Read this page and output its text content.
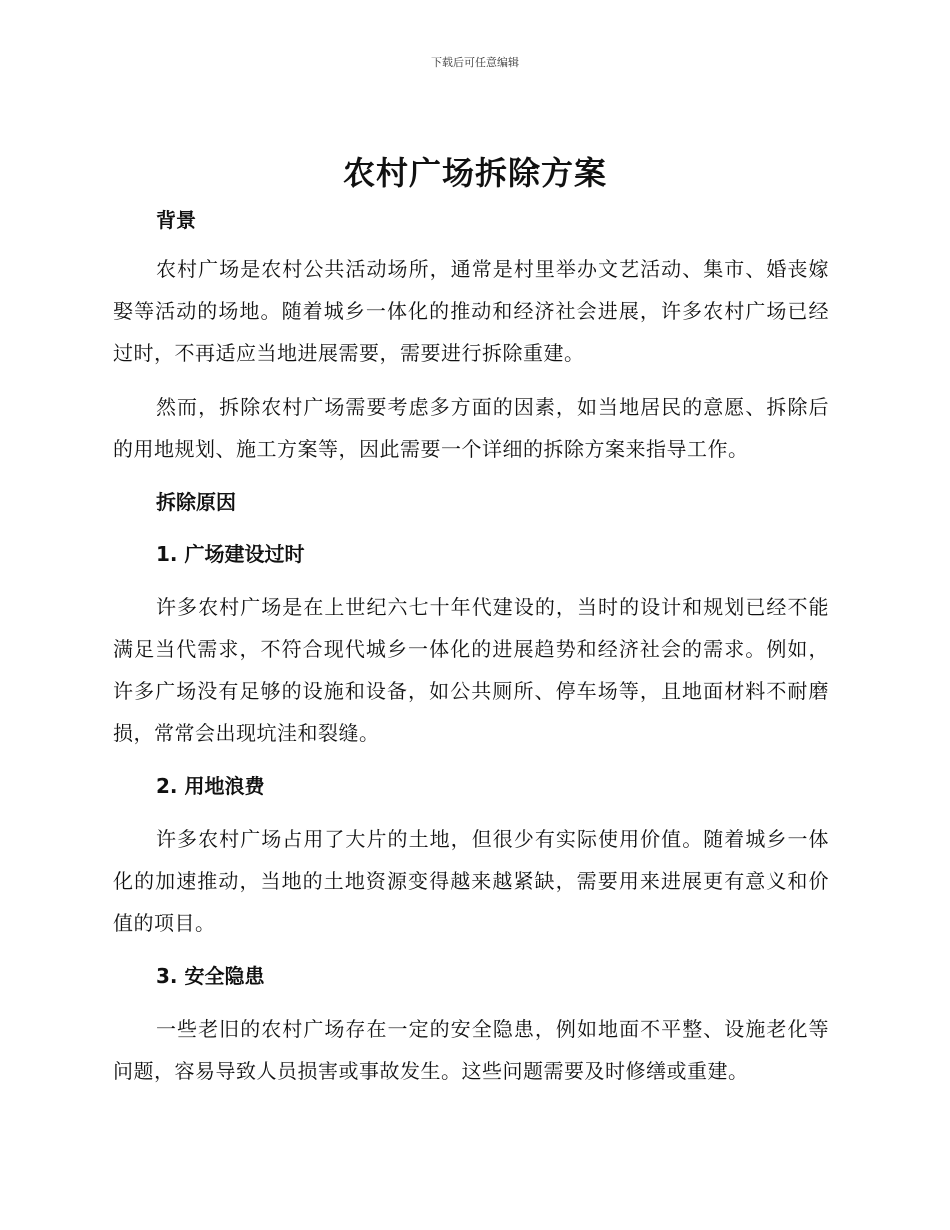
下载后可任意编辑
农村广场拆除方案

背景

农村广场是农村公共活动场所，通常是村里举办文艺活动、集市、婚丧嫁娶等活动的场地。随着城乡一体化的推动和经济社会进展，许多农村广场已经过时，不再适应当地进展需要，需要进行拆除重建。

然而，拆除农村广场需要考虑多方面的因素，如当地居民的意愿、拆除后的用地规划、施工方案等，因此需要一个详细的拆除方案来指导工作。

拆除原因

1. 广场建设过时

许多农村广场是在上世纪六七十年代建设的，当时的设计和规划已经不能满足当代需求，不符合现代城乡一体化的进展趋势和经济社会的需求。例如，许多广场没有足够的设施和设备，如公共厕所、停车场等，且地面材料不耐磨损，常常会出现坑洼和裂缝。

2. 用地浪费

许多农村广场占用了大片的土地，但很少有实际使用价值。随着城乡一体化的加速推动，当地的土地资源变得越来越紧缺，需要用来进展更有意义和价值的项目。

3. 安全隐患

一些老旧的农村广场存在一定的安全隐患，例如地面不平整、设施老化等问题，容易导致人员损害或事故发生。这些问题需要及时修缮或重建。
